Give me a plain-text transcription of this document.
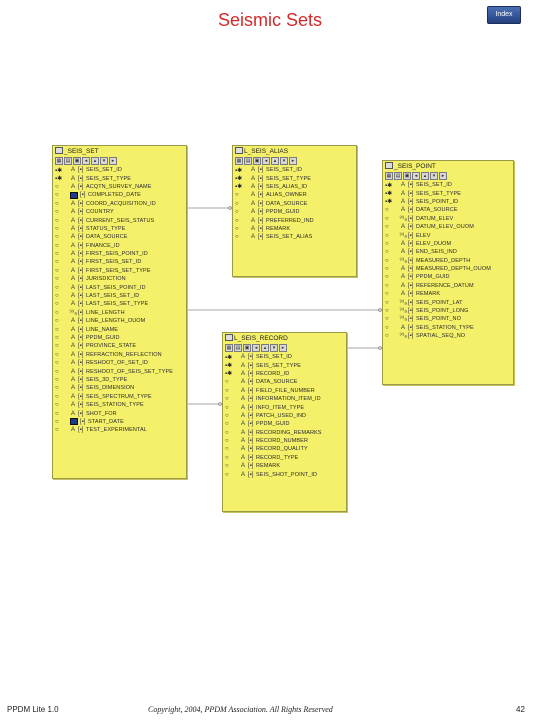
Seismic Sets	Index
_SEIS_SET
▦ ▤ ▣	◂	▴	▾	▸
▪✱	A [▪] SEIS_SET_ID
▪✱	A [▪] SEIS_SET_TYPE
○	A [▪] ACQTN_SURVEY_NAME
○	[▪] COMPLETED_DATE
○	A [▪] COORD_ACQUISITION_ID
○	A [▪] COUNTRY
○	A [▪] CURRENT_SEIS_STATUS
○	A [▪] STATUS_TYPE
○	A [▪] DATA_SOURCE
○	A [▪] FINANCE_ID
○	A [▪] FIRST_SEIS_POINT_ID
○	A [▪] FIRST_SEIS_SET_ID
○	A [▪] FIRST_SEIS_SET_TYPE
○	A [▪] JURISDICTION
○	A [▪] LAST_SEIS_POINT_ID
○	A [▪] LAST_SEIS_SET_ID
○	A [▪] LAST_SEIS_SET_TYPE
○	⁹⁹ₐ [▪] LINE_LENGTH
○	A [▪] LINE_LENGTH_OUOM
○	A [▪] LINE_NAME
○	A [▪] PPDM_GUID
○	A [▪] PROVINCE_STATE
○	A [▪] REFRACTION_REFLECTION
○	A [▪] RESHOOT_OF_SET_ID
○	A [▪] RESHOOT_OF_SEIS_SET_TYPE
○	A [▪] SEIS_3D_TYPE
○	A [▪] SEIS_DIMENSION
○	A [▪] SEIS_SPECTRUM_TYPE
○	A [▪] SEIS_STATION_TYPE
○	A [▪] SHOT_FOR
○	[▪] START_DATE
○	A [▪] TEST_EXPERIMENTAL
L_SEIS_ALIAS
▦ ▤ ▣	◂	▴	▾	▸
▪✱	A [▪] SEIS_SET_ID
▪✱	A [▪] SEIS_SET_TYPE
▪✱	A [▪] SEIS_ALIAS_ID
○	A [▪] ALIAS_OWNER
○	A [▪] DATA_SOURCE
○	A [▪] PPDM_GUID
○	A [▪] PREFERRED_IND
○	A [▪] REMARK
○	A [▪] SEIS_SET_ALIAS
_SEIS_POINT
▦ ▤ ▣	◂	▴	▾	▸
▪✱	A [▪] SEIS_SET_ID
▪✱	A [▪] SEIS_SET_TYPE
▪✱	A [▪] SEIS_POINT_ID
○	A [▪] DATA_SOURCE
○	⁹⁹ₐ [▪] DATUM_ELEV
○	A [▪] DATUM_ELEV_OUOM
○	⁹⁹ₐ [▪] ELEV
○	A [▪] ELEV_OUOM
○	A [▪] END_SEIS_IND
○	⁹⁹ₐ [▪] MEASURED_DEPTH
○	A [▪] MEASURED_DEPTH_OUOM
○	A [▪] PPDM_GUID
○	A [▪] REFERENCE_DATUM
○	A [▪] REMARK
○	⁹⁹ₐ [▪] SEIS_POINT_LAT
○	⁹⁹ₐ [▪] SEIS_POINT_LONG
○	⁹⁹ₐ [▪] SEIS_POINT_NO
○	A [▪] SEIS_STATION_TYPE
○	⁹⁹ₐ [▪] SPATIAL_SEQ_NO
L_SEIS_RECORD
▦ ▤ ▣	◂	▴	▾	▸
▪✱	A [▪] SEIS_SET_ID
▪✱	A [▪] SEIS_SET_TYPE
▪✱	A [▪] RECORD_ID
○	A [▪] DATA_SOURCE
○	A [▪] FIELD_FILE_NUMBER
○	A [▪] INFORMATION_ITEM_ID
○	A [▪] INFO_ITEM_TYPE
○	A [▪] PATCH_USED_IND
○	A [▪] PPDM_GUID
○	A [▪] RECORDING_REMARKS
○	A [▪] RECORD_NUMBER
○	A [▪] RECORD_QUALITY
○	A [▪] RECORD_TYPE
○	A [▪] REMARK
○	A [▪] SEIS_SHOT_POINT_ID
PPDM Lite 1.0	Copyright, 2004, PPDM Association. All Rights Reserved	42
